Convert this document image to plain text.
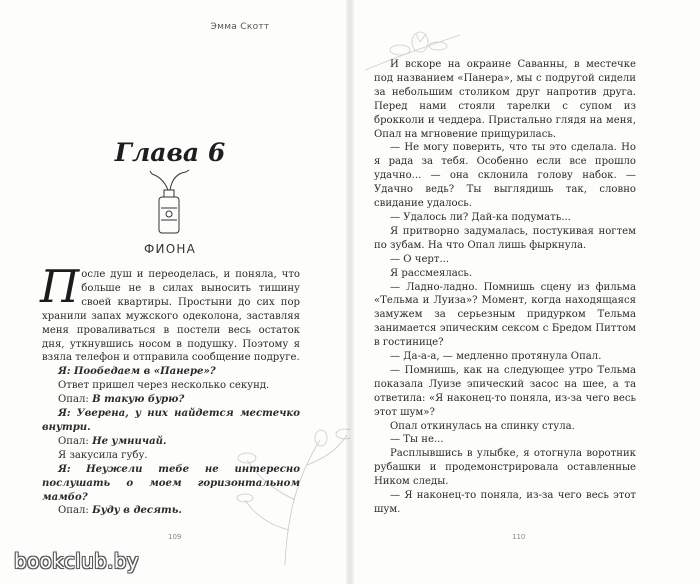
Глава 6
ФИОНА

После душ и переоделась, и поняла, что больше не в силах выносить тишину своей квартиры. Простыни до сих пор хранили запах мужского одеколона, заставляя меня проваливаться в постели весь остаток дня, уткнувшись носом в подушку. Поэтому я взяла телефон и отправила сообщение подруге.

Я: Пообедаем в «Панере»?

Ответ пришел через несколько секунд.

Опал: В такую бурю?

Я: Уверена, у них найдется местечко внутри.

Опал: Не умничай.

Я закусила губу.

Я: Неужели тебе не интересно послушать о моем горизонтальном мамбо?

Опал: Буду в десять.

109
Эмма Скотт

И вскоре на окраине Саванны, в местечке под названием «Панера», мы с подругой сидели за небольшим столиком друг напротив друга. Перед нами стояли тарелки с супом из брокколи и чеддера. Пристально глядя на меня, Опал на мгновение прищурилась.

— Не могу поверить, что ты это сделала. Но я рада за тебя. Особенно если все прошло удачно... — она склонила голову набок. — Удачно ведь? Ты выглядишь так, словно свидание удалось.

— Удалось ли? Дай-ка подумать...

Я притворно задумалась, постукивая ногтем по зубам. На что Опал лишь фыркнула.

— О черт...

Я рассмеялась.

— Ладно-ладно. Помнишь сцену из фильма «Тельма и Луиза»? Момент, когда находящаяся замужем за серьезным придурком Тельма занимается эпическим сексом с Бредом Питтом в гостинице?

— Да-а-а, — медленно протянула Опал.

— Помнишь, как на следующее утро Тельма показала Луизе эпический засос на шее, а та ответила: «Я наконец-то поняла, из-за чего весь этот шум»?

Опал откинулась на спинку стула.

— Ты не...

Расплывшись в улыбке, я отогнула воротник рубашки и продемонстрировала оставленные Ником следы.

— Я наконец-то поняла, из-за чего весь этот шум.

110
bookclub.by
